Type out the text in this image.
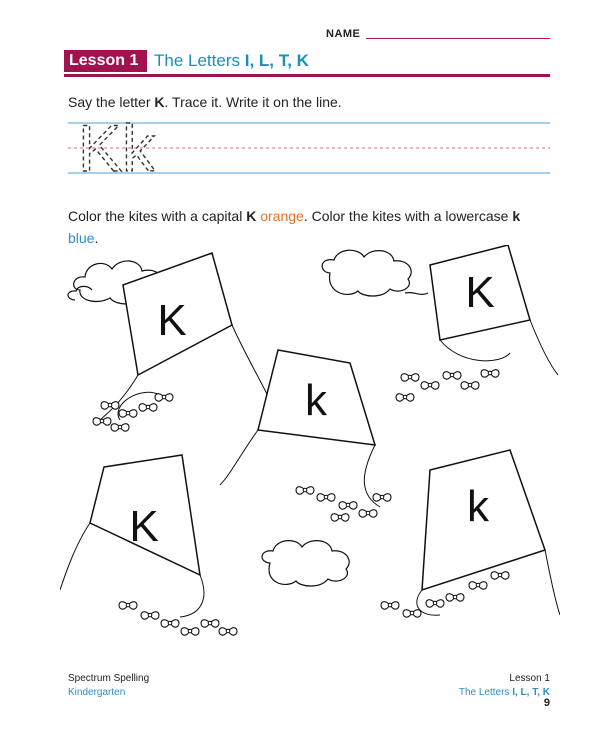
NAME
Lesson 1 The Letters I, L, T, K
Say the letter K. Trace it. Write it on the line.
Kk
Color the kites with a capital K orange. Color the kites with a lowercase k blue.
K
K
k
K	k
Spectrum Spelling
Kindergarten
Lesson 1
The Letters I, L, T, K
9
